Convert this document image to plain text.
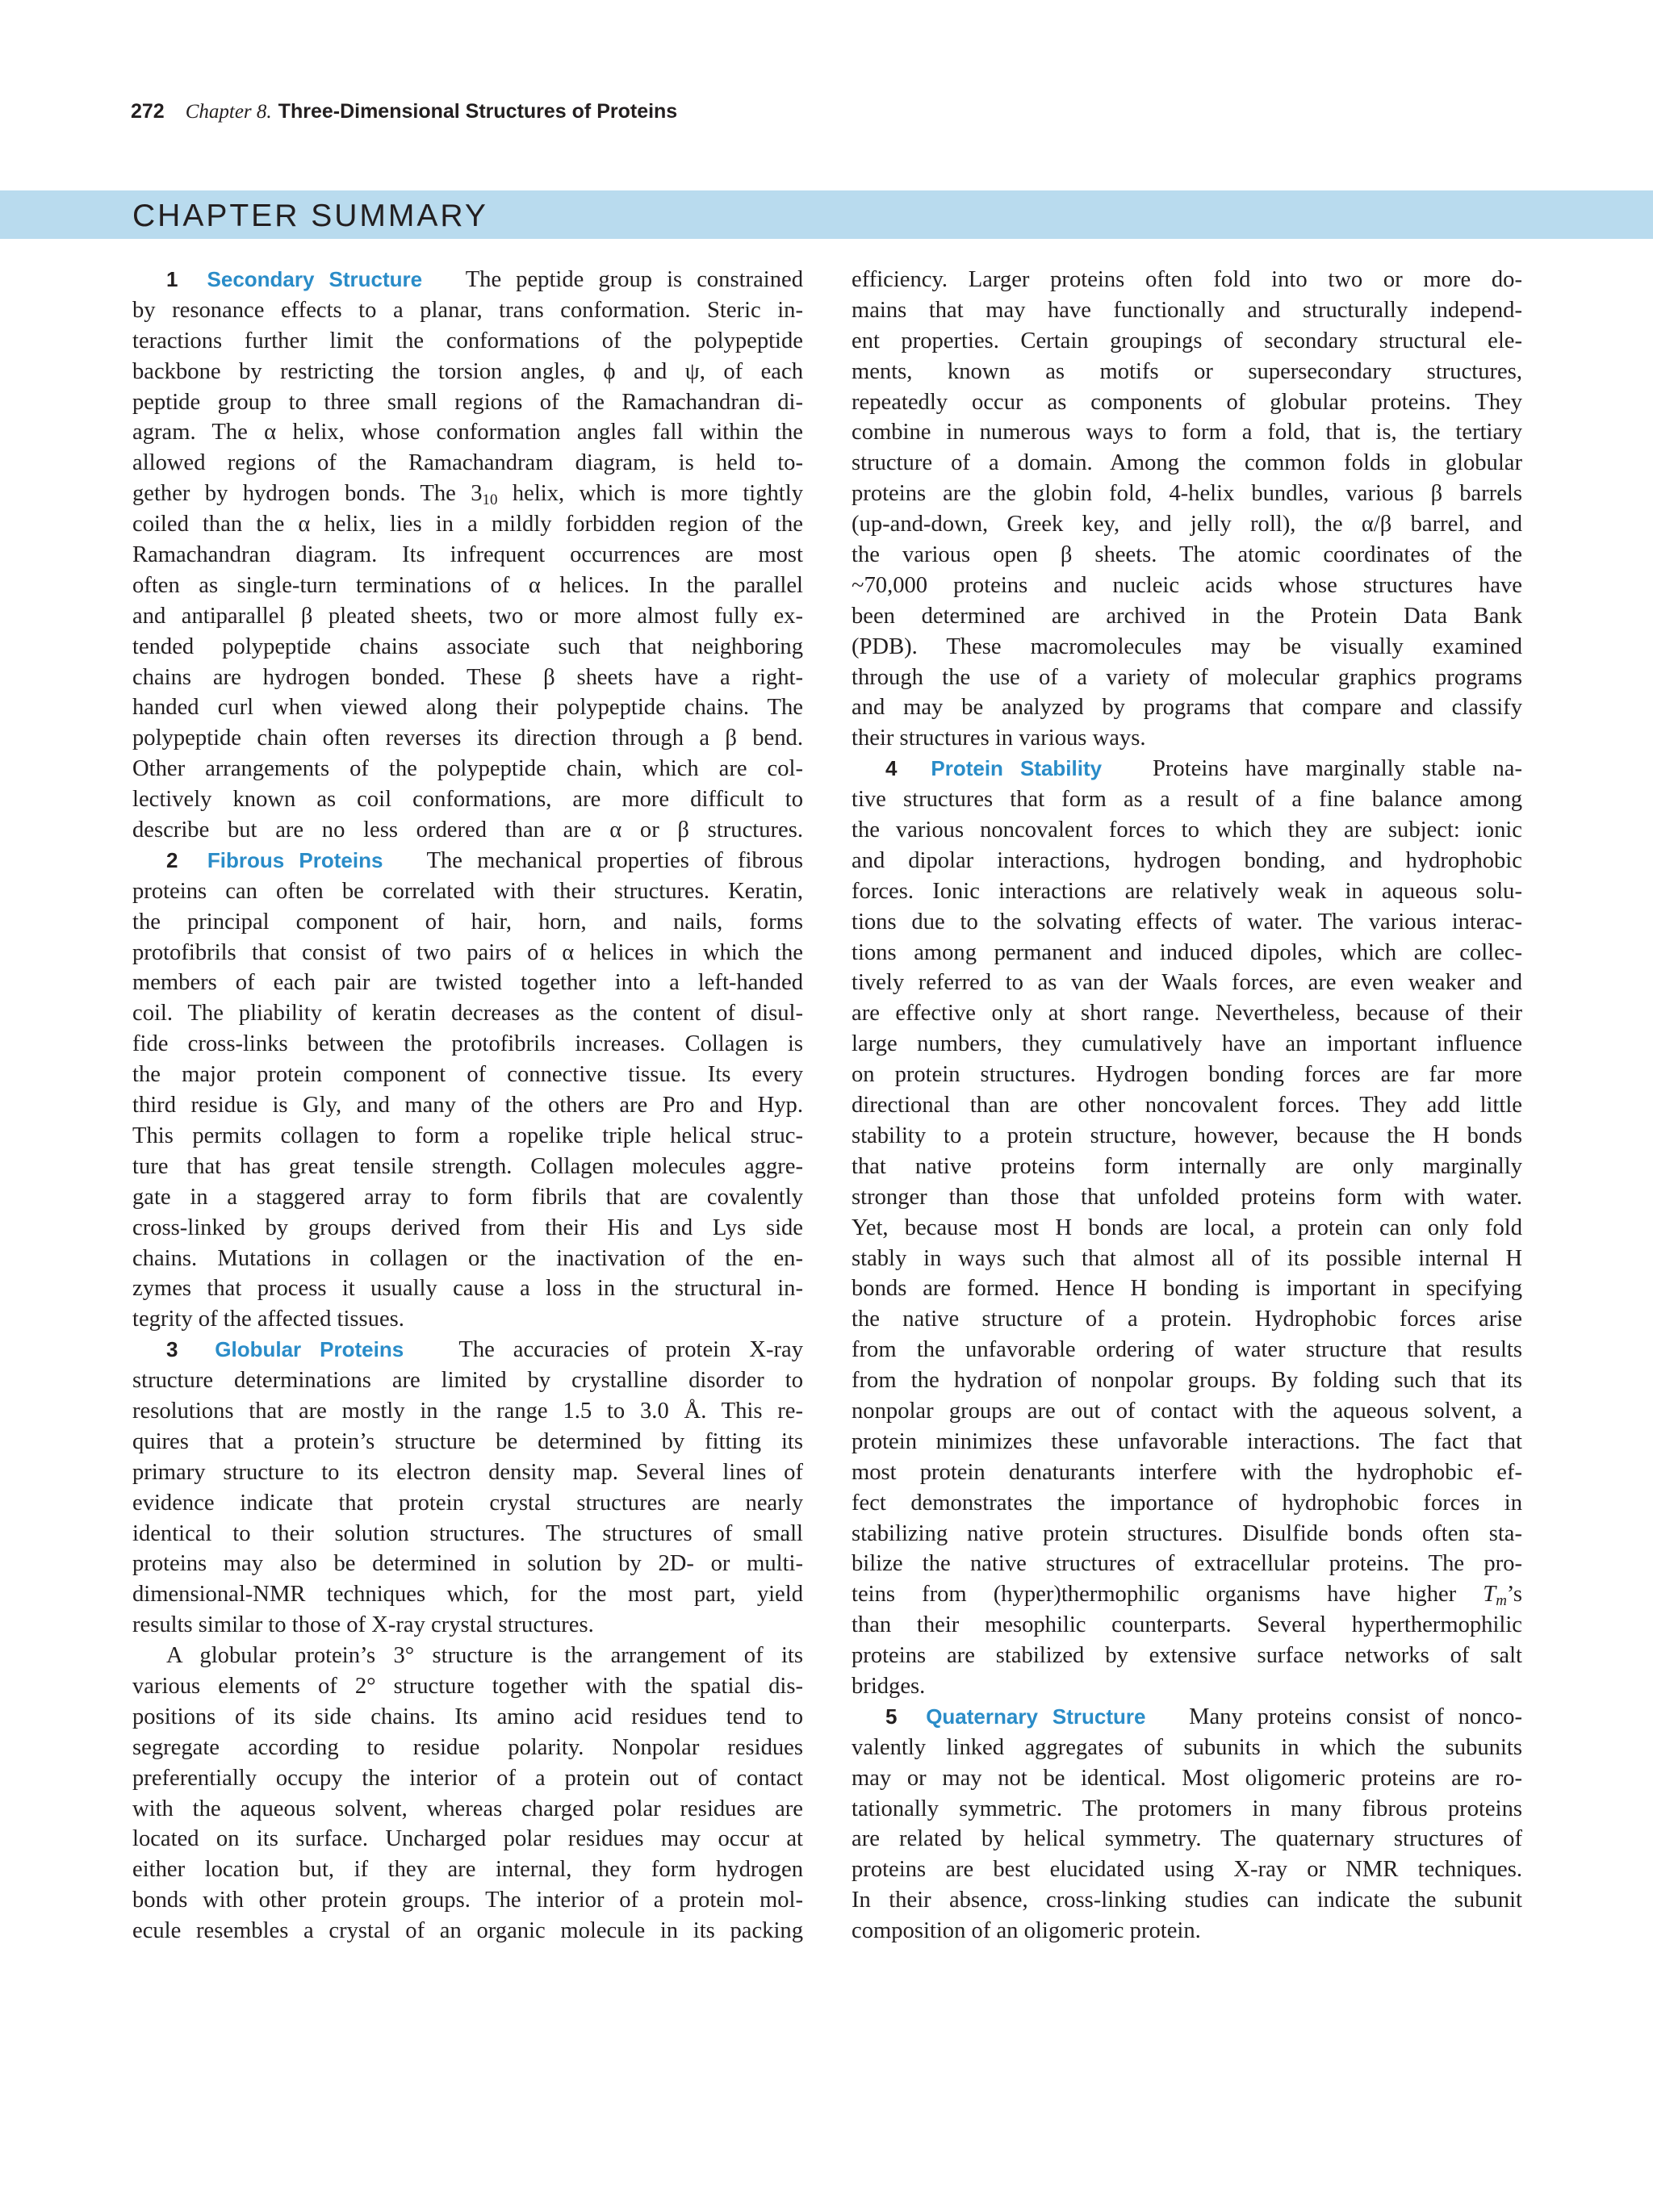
272 Chapter 8. Three-Dimensional Structures of Proteins
CHAPTER SUMMARY
1 Secondary Structure The peptide group is constrained
by resonance effects to a planar, trans conformation. Steric in-
teractions further limit the conformations of the polypeptide
backbone by restricting the torsion angles, ϕ and ψ, of each
peptide group to three small regions of the Ramachandran di-
agram. The α helix, whose conformation angles fall within the
allowed regions of the Ramachandram diagram, is held to-
gether by hydrogen bonds. The $3_{10}$ helix, which is more tightly
coiled than the α helix, lies in a mildly forbidden region of the
Ramachandran diagram. Its infrequent occurrences are most
often as single-turn terminations of α helices. In the parallel
and antiparallel β pleated sheets, two or more almost fully ex-
tended polypeptide chains associate such that neighboring
chains are hydrogen bonded. These β sheets have a right-
handed curl when viewed along their polypeptide chains. The
polypeptide chain often reverses its direction through a β bend.
Other arrangements of the polypeptide chain, which are col-
lectively known as coil conformations, are more difficult to
describe but are no less ordered than are α or β structures.
2 Fibrous Proteins The mechanical properties of fibrous
proteins can often be correlated with their structures. Keratin,
the principal component of hair, horn, and nails, forms
protofibrils that consist of two pairs of α helices in which the
members of each pair are twisted together into a left-handed
coil. The pliability of keratin decreases as the content of disul-
fide cross-links between the protofibrils increases. Collagen is
the major protein component of connective tissue. Its every
third residue is Gly, and many of the others are Pro and Hyp.
This permits collagen to form a ropelike triple helical struc-
ture that has great tensile strength. Collagen molecules aggre-
gate in a staggered array to form fibrils that are covalently
cross-linked by groups derived from their His and Lys side
chains. Mutations in collagen or the inactivation of the en-
zymes that process it usually cause a loss in the structural in-
tegrity of the affected tissues.
3 Globular Proteins The accuracies of protein X-ray
structure determinations are limited by crystalline disorder to
resolutions that are mostly in the range 1.5 to 3.0 Å. This re-
quires that a protein’s structure be determined by fitting its
primary structure to its electron density map. Several lines of
evidence indicate that protein crystal structures are nearly
identical to their solution structures. The structures of small
proteins may also be determined in solution by 2D- or multi-
dimensional-NMR techniques which, for the most part, yield
results similar to those of X-ray crystal structures.
A globular protein’s 3° structure is the arrangement of its
various elements of 2° structure together with the spatial dis-
positions of its side chains. Its amino acid residues tend to
segregate according to residue polarity. Nonpolar residues
preferentially occupy the interior of a protein out of contact
with the aqueous solvent, whereas charged polar residues are
located on its surface. Uncharged polar residues may occur at
either location but, if they are internal, they form hydrogen
bonds with other protein groups. The interior of a protein mol-
ecule resembles a crystal of an organic molecule in its packing
efficiency. Larger proteins often fold into two or more do-
mains that may have functionally and structurally independ-
ent properties. Certain groupings of secondary structural ele-
ments, known as motifs or supersecondary structures,
repeatedly occur as components of globular proteins. They
combine in numerous ways to form a fold, that is, the tertiary
structure of a domain. Among the common folds in globular
proteins are the globin fold, 4-helix bundles, various β barrels
(up-and-down, Greek key, and jelly roll), the α/β barrel, and
the various open β sheets. The atomic coordinates of the
~70,000 proteins and nucleic acids whose structures have
been determined are archived in the Protein Data Bank
(PDB). These macromolecules may be visually examined
through the use of a variety of molecular graphics programs
and may be analyzed by programs that compare and classify
their structures in various ways.
4 Protein Stability Proteins have marginally stable na-
tive structures that form as a result of a fine balance among
the various noncovalent forces to which they are subject: ionic
and dipolar interactions, hydrogen bonding, and hydrophobic
forces. Ionic interactions are relatively weak in aqueous solu-
tions due to the solvating effects of water. The various interac-
tions among permanent and induced dipoles, which are collec-
tively referred to as van der Waals forces, are even weaker and
are effective only at short range. Nevertheless, because of their
large numbers, they cumulatively have an important influence
on protein structures. Hydrogen bonding forces are far more
directional than are other noncovalent forces. They add little
stability to a protein structure, however, because the H bonds
that native proteins form internally are only marginally
stronger than those that unfolded proteins form with water.
Yet, because most H bonds are local, a protein can only fold
stably in ways such that almost all of its possible internal H
bonds are formed. Hence H bonding is important in specifying
the native structure of a protein. Hydrophobic forces arise
from the unfavorable ordering of water structure that results
from the hydration of nonpolar groups. By folding such that its
nonpolar groups are out of contact with the aqueous solvent, a
protein minimizes these unfavorable interactions. The fact that
most protein denaturants interfere with the hydrophobic ef-
fect demonstrates the importance of hydrophobic forces in
stabilizing native protein structures. Disulfide bonds often sta-
bilize the native structures of extracellular proteins. The pro-
teins from (hyper)thermophilic organisms have higher $T_m’s$
than their mesophilic counterparts. Several hyperthermophilic
proteins are stabilized by extensive surface networks of salt
bridges.
5 Quaternary Structure Many proteins consist of nonco-
valently linked aggregates of subunits in which the subunits
may or may not be identical. Most oligomeric proteins are ro-
tationally symmetric. The protomers in many fibrous proteins
are related by helical symmetry. The quaternary structures of
proteins are best elucidated using X-ray or NMR techniques.
In their absence, cross-linking studies can indicate the subunit
composition of an oligomeric protein.
